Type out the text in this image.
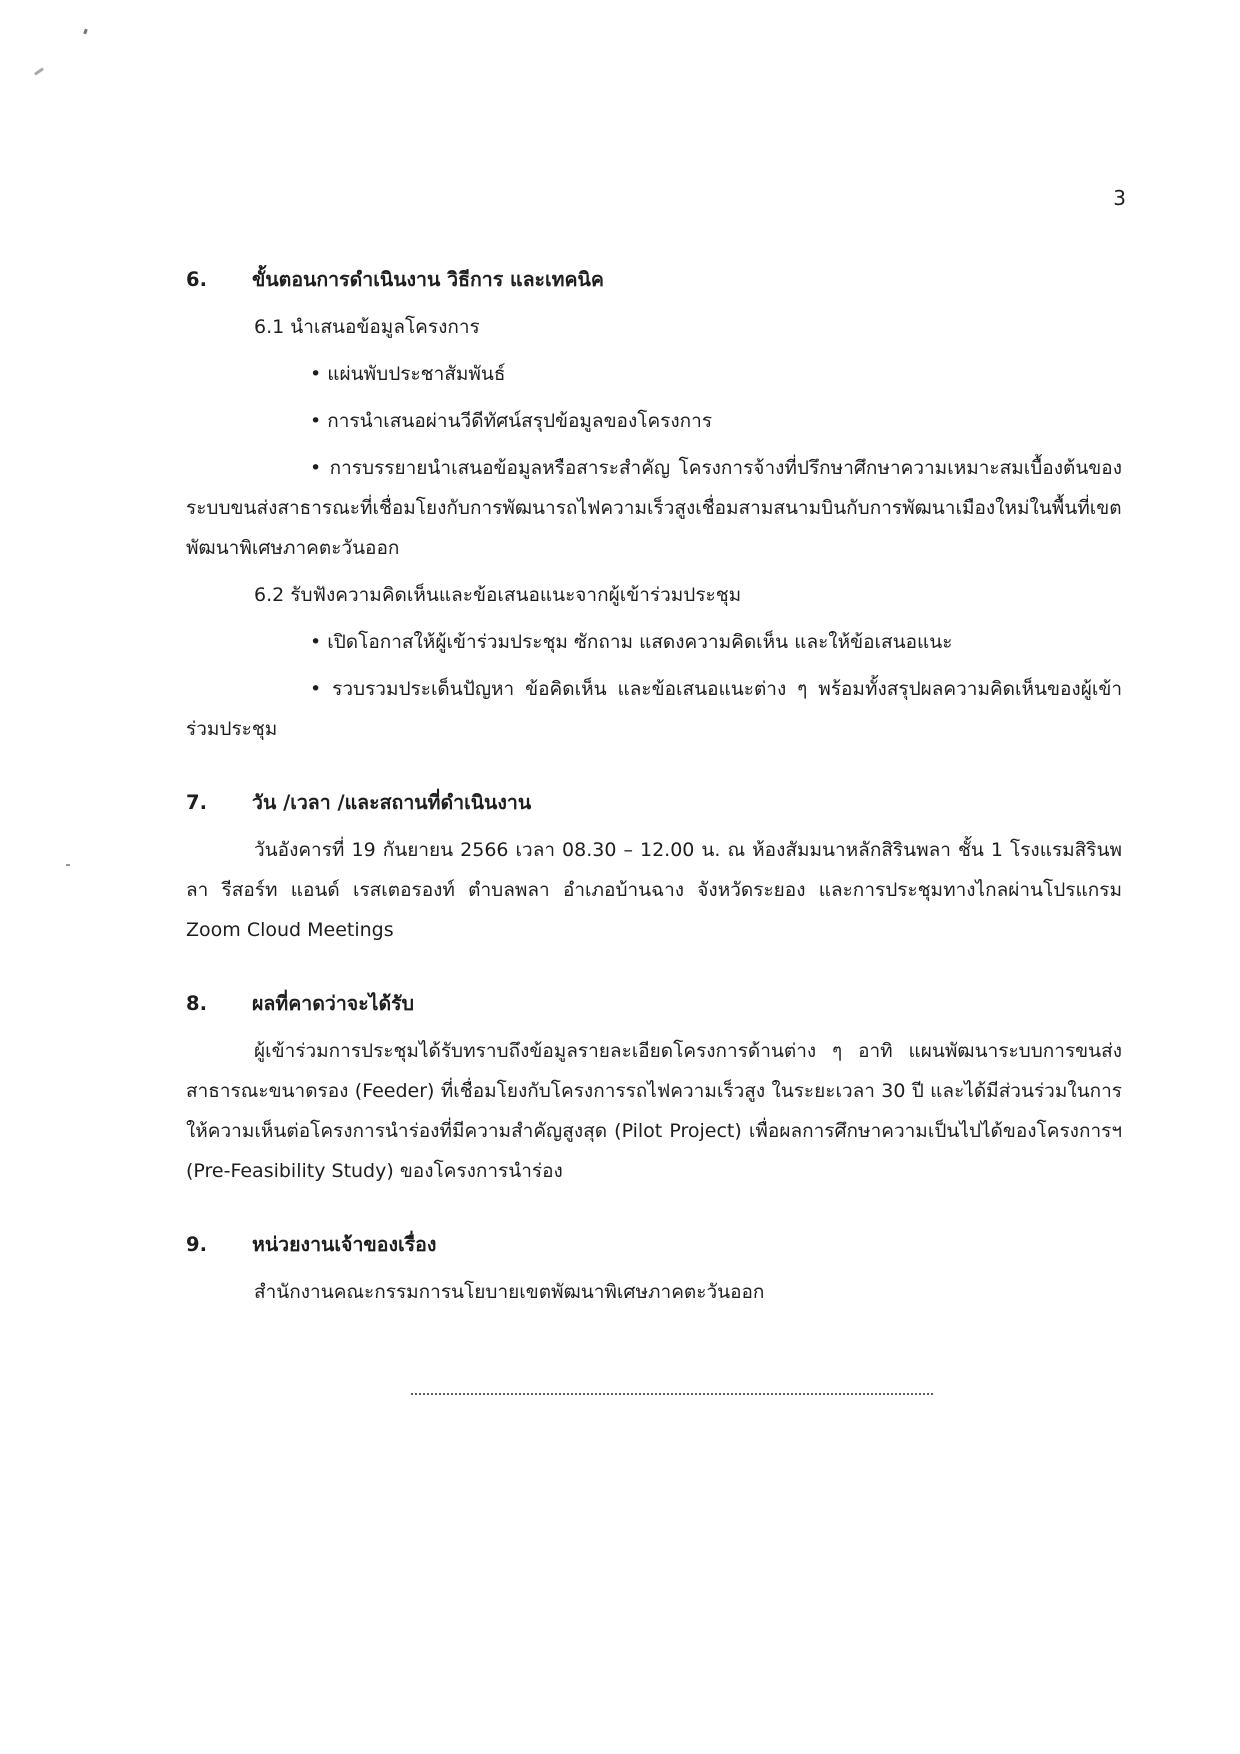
3
6.	ขั้นตอนการดำเนินงาน วิธีการ และเทคนิค
6.1 นำเสนอข้อมูลโครงการ
• แผ่นพับประชาสัมพันธ์
• การนำเสนอผ่านวีดีทัศน์สรุปข้อมูลของโครงการ

• การบรรยายนำเสนอข้อมูลหรือสาระสำคัญ โครงการจ้างที่ปรึกษาศึกษาความเหมาะสมเบื้องต้นของระบบขนส่งสาธารณะที่เชื่อมโยงกับการพัฒนารถไฟความเร็วสูงเชื่อมสามสนามบินกับการพัฒนาเมืองใหม่ในพื้นที่เขตพัฒนาพิเศษภาคตะวันออก

6.2 รับฟังความคิดเห็นและข้อเสนอแนะจากผู้เข้าร่วมประชุม
• เปิดโอกาสให้ผู้เข้าร่วมประชุม ซักถาม แสดงความคิดเห็น และให้ข้อเสนอแนะ

• รวบรวมประเด็นปัญหา ข้อคิดเห็น และข้อเสนอแนะต่าง ๆ พร้อมทั้งสรุปผลความคิดเห็นของผู้เข้าร่วมประชุม

7.	วัน /เวลา /และสถานที่ดำเนินงาน

วันอังคารที่ 19 กันยายน 2566 เวลา 08.30 – 12.00 น. ณ ห้องสัมมนาหลักสิรินพลา ชั้น 1 โรงแรมสิรินพลา รีสอร์ท แอนด์ เรสเตอรองท์ ตำบลพลา อำเภอบ้านฉาง จังหวัดระยอง และการประชุมทางไกลผ่านโปรแกรม Zoom Cloud Meetings

8.	ผลที่คาดว่าจะได้รับ

ผู้เข้าร่วมการประชุมได้รับทราบถึงข้อมูลรายละเอียดโครงการด้านต่าง ๆ อาทิ แผนพัฒนาระบบการขนส่งสาธารณะขนาดรอง (Feeder) ที่เชื่อมโยงกับโครงการรถไฟความเร็วสูง ในระยะเวลา 30 ปี และได้มีส่วนร่วมในการให้ความเห็นต่อโครงการนำร่องที่มีความสำคัญสูงสุด (Pilot Project) เพื่อผลการศึกษาความเป็นไปได้ของโครงการฯ (Pre-Feasibility Study) ของโครงการนำร่อง

9.	หน่วยงานเจ้าของเรื่อง
สำนักงานคณะกรรมการนโยบายเขตพัฒนาพิเศษภาคตะวันออก
